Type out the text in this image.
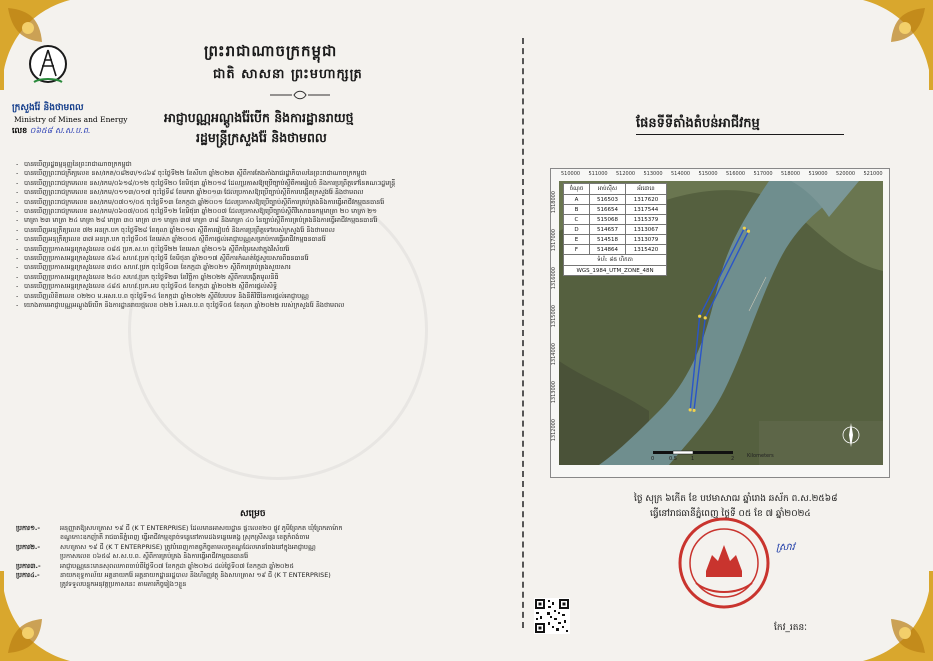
ក្រសួងរ៉ែ និងថាមពល
Ministry of Mines and Energy
លេខ ០៦៥៨ ស.ស.ប.ព.
ព្រះរាជាណាចក្រកម្ពុជា
ជាតិ សាសនា ព្រះមហាក្សត្រ
អាជ្ញាបណ្ណអណ្តូងរ៉ែបើក និងការដ្ឋានរាយថ្ម
រដ្ឋមន្ត្រីក្រសួងរ៉ែ និងថាមពល
- បានឃើញរដ្ឋធម្មនុញ្ញនៃព្រះរាជាណាចក្រកម្ពុជា
- បានឃើញព្រះរាជក្រឹត្យលេខ នស/រកត/០៨២៣/១៤៦៩ ចុះថ្ងៃទី២២ ខែសីហា ឆ្នាំ២០២៣ ស្តីពីការតែងតាំងរាជរដ្ឋាភិបាលនៃព្រះរាជាណាចក្រកម្ពុជា
- បានឃើញព្រះរាជក្រមលេខ នស/រកម/០៦១៨/០១២ ចុះថ្ងៃទី២០ ខែមិថុនា ឆ្នាំ២០១៨ ដែលប្រកាសឱ្យប្រើច្បាប់ស្តីពីការរៀបចំ និងការប្រព្រឹត្តទៅនៃគណៈរដ្ឋមន្ត្រី
- បានឃើញព្រះរាជក្រមលេខ នស/រកម/០១១៣/០១៧ ចុះថ្ងៃទី៨ ខែមករា ឆ្នាំ២០១៣ ដែលប្រកាសឱ្យប្រើច្បាប់ស្តីពីការបង្កើតក្រសួងរ៉ែ និងថាមពល
- បានឃើញព្រះរាជក្រមលេខ នស/រកម/០៧០១/០៥ ចុះថ្ងៃទី១៣ ខែកក្កដា ឆ្នាំ២០០១ ដែលប្រកាសឱ្យប្រើច្បាប់ស្តីពីការគ្រប់គ្រងនិងការធ្វើអាជីវកម្មធនធានរ៉ែ
- បានឃើញព្រះរាជក្រមលេខ នស/រកម/០៦០៧/០០៥ ចុះថ្ងៃទី១២ ខែមិថុនា ឆ្នាំ២០០៧ ដែលប្រកាសឱ្យប្រើច្បាប់ស្តីពីវិសោធនកម្មមាត្រា ២០ មាត្រា ២១
- មាត្រា ២៣ មាត្រា ២៤ មាត្រា ២៨ មាត្រា ៣០ មាត្រា ៣១ មាត្រា ៣៧ មាត្រា ៣៨ និងមាត្រា ៤០ នៃច្បាប់ស្តីពីការគ្រប់គ្រងនិងការធ្វើអាជីវកម្មធនធានរ៉ែ
- បានឃើញអនុក្រឹត្យលេខ ៧២ អនក្រ.បក ចុះថ្ងៃទី២៨ ខែតុលា ឆ្នាំ២០១៣ ស្តីពីការរៀបចំ និងការប្រព្រឹត្តទៅរបស់ក្រសួងរ៉ែ និងថាមពល
- បានឃើញអនុក្រឹត្យលេខ ៣៧ អនក្រ.បក ចុះថ្ងៃទី០៥ ខែមេសា ឆ្នាំ២០០៥ ស្តីពីការផ្តល់អាជ្ញាបណ្ណសម្រាប់ការធ្វើអាជីវកម្មធនធានរ៉ែ
- បានឃើញប្រកាសអន្តរក្រសួងលេខ ០៨៥ ប្រក.ស.ហ ចុះថ្ងៃទី២២ ខែមេសា ឆ្នាំ២០១៦ ស្តីពីកម្រៃសេវាក្នុងវិស័យរ៉ែ
- បានឃើញប្រកាសអន្តរក្រសួងលេខ ៥៦៤ សហវ.ប្រក ចុះថ្ងៃទី ខែមិថុនា ឆ្នាំ២០១៧ ស្តីពីការកំណត់ថ្លៃសួយសារពីធនធានរ៉ែ
- បានឃើញប្រកាសអន្តរក្រសួងលេខ ៣៥០ សហវ.ប្រក ចុះថ្ងៃទី០៣ ខែកក្កដា ឆ្នាំ២០២១ ស្តីពីការគ្រប់គ្រងសួយសារ
- បានឃើញប្រកាសអន្តរក្រសួងលេខ ២៤០ សហវ.ប្រក ចុះថ្ងៃទី២៣ ខែវិច្ឆិកា ឆ្នាំ២០២២ ស្តីពីការបង្កើតមូលនិធិ
- បានឃើញប្រកាសអន្តរក្រសួងលេខ ៤៨៥ សហវ.ប្រក.អប ចុះថ្ងៃទី០៥ ខែកក្កដា ឆ្នាំ២០២២ ស្តីពីការផ្តល់សិទ្ធិ
- បានឃើញលិខិតលេខ ០២២០ ម.អសរ.ប.ព ចុះថ្ងៃទី១៤ ខែកក្កដា ឆ្នាំ២០២២ ស្តីពីបែបបទ និងនីតិវិធីនៃការផ្តល់អាជ្ញាបណ្ណ
- យោងតាមអាជ្ញាបណ្ណអណ្តូងរ៉ែបើក និងការដ្ឋានរាយថ្មលេខ ០២២ រ៉.អសរ.ប.ព ចុះថ្ងៃទី០៥ ខែតុលា ឆ្នាំ២០២២ របស់ក្រសួងរ៉ែ និងថាមពល
សម្រេច
ប្រការ១.-	អនុញ្ញាតឱ្យសហគ្រាស ១៩ ជី (K T ENTERPRISE) ដែលមានអាសយដ្ឋាន ផ្ទះលេខ២០ ផ្លូវ ភូមិព្រែកត ឃុំព្រែកតាម៉ាក
ខណ្ឌកោះឧកញ៉ាតី រាជធានីភ្នំពេញ ធ្វើអាជីវកម្មខ្សាច់ទន្លេនៅតាមដងទន្លេមេគង្គ ស្រុកស្រីសន្ធរ ខេត្តកំពង់ចាម
ប្រការ២.-	សហគ្រាស ១៩ ជី (K T ENTERPRISE) ត្រូវបំពេញកាតព្វកិច្ចតាមលក្ខខណ្ឌដែលមានចែងនៅក្នុងអាជ្ញាបណ្ណ
ប្រកាសលេខ ០៦៥៨ ស.ស.ប.ព. ស្តីពីការគ្រប់គ្រង និងការធ្វើអាជីវកម្មធនធានរ៉ែ
ប្រការ៣.-	អាជ្ញាបណ្ណនេះមានសុពលភាពចាប់ពីថ្ងៃទី០៧ ខែកក្កដា ឆ្នាំ២០២៤ ដល់ថ្ងៃទី០៧ ខែកក្កដា ឆ្នាំ២០២៥
ប្រការ៤.-	នាយកខុទ្ទកាល័យ អគ្គនាយករ៉ែ អគ្គនាយកដ្ឋានរដ្ឋបាល និងហិរញ្ញវត្ថុ និងសហគ្រាស ១៩ ជី (K T ENTERPRISE)
ត្រូវទទួលបន្ទុកអនុវត្តប្រកាសនេះ តាមភារកិច្ចរៀងៗខ្លួន
ផែនទីទីតាំងតំបន់អាជីវកម្ម
510000 511000 512000 513000 514000 515000 516000 517000 518000 519000 520000 521000
1312000
1313000
1314000
1315000
1316000
1317000
1318000
ចំណុច	អាប់ស៊ីស	អ័រដោនេ
A	516503	1317620
B	516654	1317544
C	515068	1315379
D	514657	1313067
E	514518	1313079
F	514864	1315420
ទំហំ: ៨៥ ហិកតា		
WGS_1984_UTM_ZONE_48N		
0	0.5	1	2	Kilometers
ថ្ងៃ សុក្រ ៦កើត ខែ បឋមាសាឍ ឆ្នាំរោង ឆស័ក ព.ស.២៥៦៨
ធ្វើនៅរាជធានីភ្នំពេញ ថ្ងៃទី ០៥ ខែ ៧ ឆ្នាំ២០២៤
ស្រាវ
កែវ_រតនៈ
